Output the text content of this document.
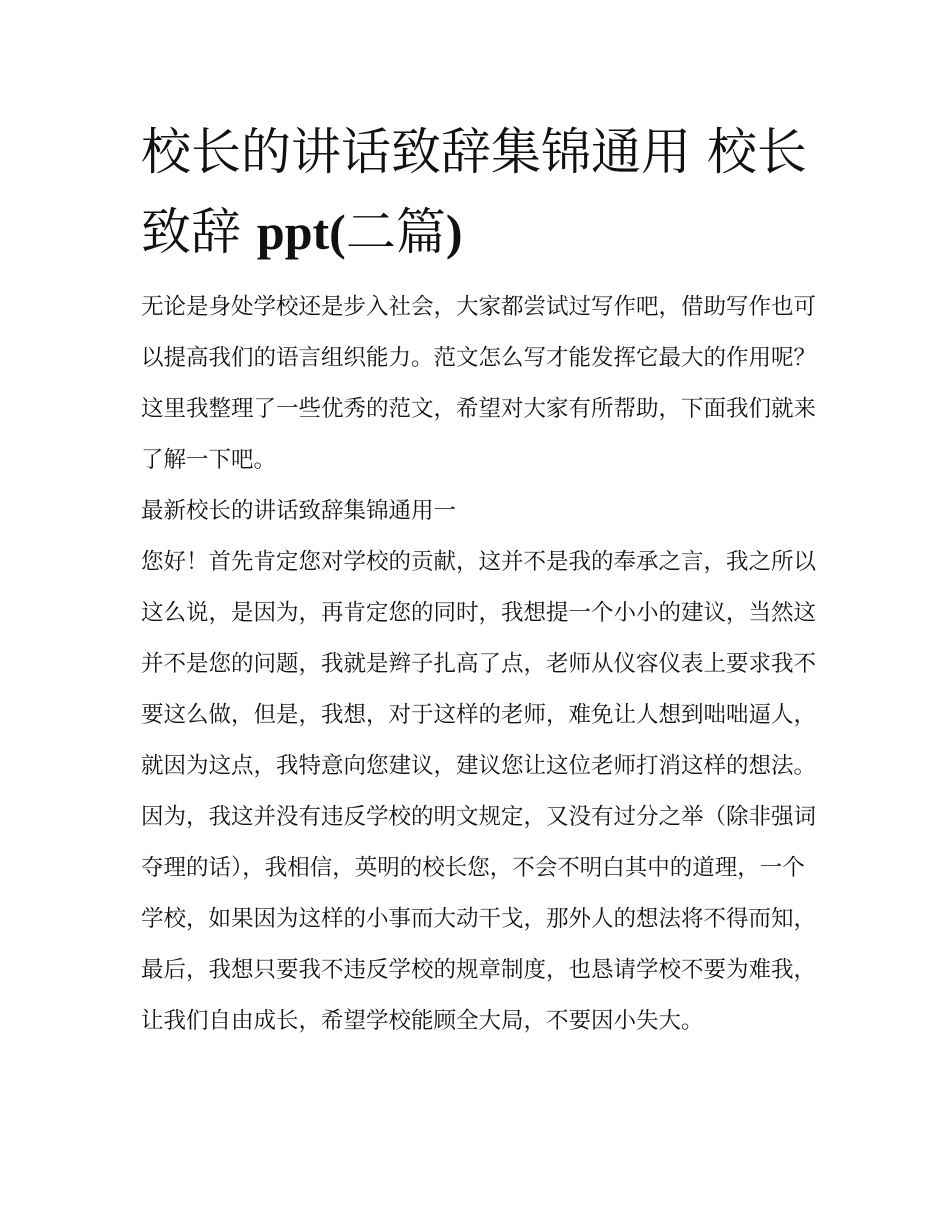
校长的讲话致辞集锦通用 校长致辞 ppt(二篇)

无论是身处学校还是步入社会，大家都尝试过写作吧，借助写作也可以提高我们的语言组织能力。范文怎么写才能发挥它最大的作用呢？这里我整理了一些优秀的范文，希望对大家有所帮助，下面我们就来了解一下吧。

最新校长的讲话致辞集锦通用一

您好！首先肯定您对学校的贡献，这并不是我的奉承之言，我之所以这么说，是因为，再肯定您的同时，我想提一个小小的建议，当然这并不是您的问题，我就是辫子扎高了点，老师从仪容仪表上要求我不要这么做，但是，我想，对于这样的老师，难免让人想到咄咄逼人，就因为这点，我特意向您建议，建议您让这位老师打消这样的想法。因为，我这并没有违反学校的明文规定，又没有过分之举（除非强词夺理的话），我相信，英明的校长您，不会不明白其中的道理，一个学校，如果因为这样的小事而大动干戈，那外人的想法将不得而知，最后，我想只要我不违反学校的规章制度，也恳请学校不要为难我，让我们自由成长，希望学校能顾全大局，不要因小失大。
